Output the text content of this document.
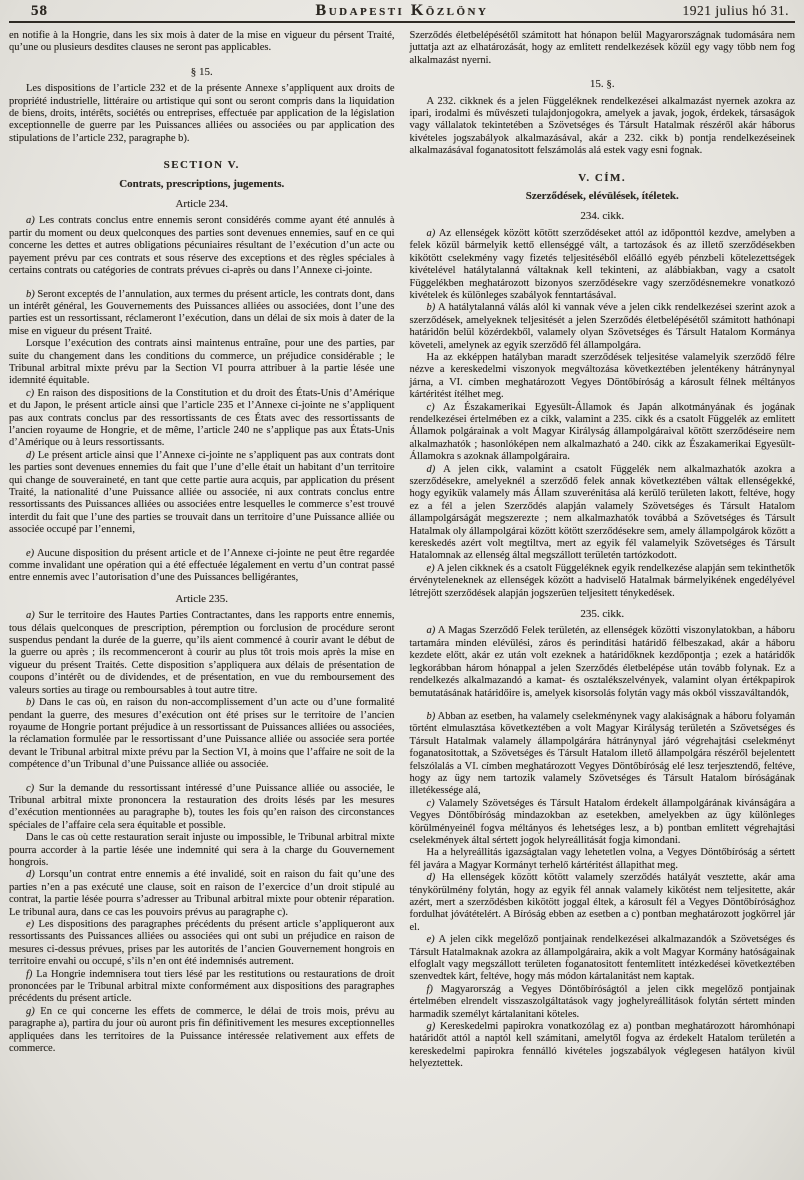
58	Budapesti Közlöny	1921 julius hó 31.

en notifie à la Hongrie, dans les six mois à dater de la mise en vigueur du pérsent Traité, qu’une ou plusieurs desdites clauses ne seront pas applicables.

§ 15.

Les dispositions de l’article 232 et de la présente Annexe s’appliquent aux droits de propriété industrielle, littéraire ou artistique qui sont ou seront compris dans la liquidation de biens, droits, intérêts, sociétés ou entreprises, effectuée par application de la législation exceptionnelle de guerre par les Puissances alliées ou associées ou par application des stipulations de l’article 232, paragraphe b).

SECTION V.
Contrats, prescriptions, jugements.
Article 234.

a) Les contrats conclus entre ennemis seront considérés comme ayant été annulés à partir du moment ou deux quelconques des parties sont devenues ennemies, sauf en ce qui concerne les dettes et autres obligations pécuniaires résultant de l’exécution d’un acte ou payement prévu par ces contrats et sous réserve des exceptions et des règles spéciales à certains contrats ou catégories de contrats prévues ci-après ou dans l’Annexe ci-jointe.

b) Seront exceptés de l’annulation, aux termes du présent article, les contrats dont, dans un intérêt général, les Gouvernements des Puissances alliées ou associées, dont l’une des parties est un ressortissant, réclameront l’exécution, dans un délai de six mois à dater de la mise en vigueur du présent Traité.

Lorsque l’exécution des contrats ainsi maintenus entraîne, pour une des parties, par suite du changement dans les conditions du commerce, un préjudice considérable ; le Tribunal arbitral mixte prévu par la Section VI pourra attribuer à la partie lésée une idemnité équitable.

c) En raison des dispositions de la Constitution et du droit des États-Unis d’Amérique et du Japon, le présent article ainsi que l’article 235 et l’Annexe ci-jointe ne s’appliquent pas aux contrats conclus par des ressortissants de ces États avec des ressortissants de l’ancien royaume de Hongrie, et de même, l’article 240 ne s’applique pas aux États-Unis d’Amérique ou à leurs ressortissants.

d) Le présent article ainsi que l’Annexe ci-jointe ne s’appliquent pas aux contrats dont les parties sont devenues ennemies du fait que l’une d’elle était un habitant d’un territoire qui change de souveraineté, en tant que cette partie aura acquis, par application du présent Traité, la nationalité d’une Puissance alliée ou associée, ni aux contrats conclus entre ressortissants des Puissances alliées ou associées entre lesquelles le commerce s’est trouvé interdit du fait que l’une des parties se trouvait dans un territoire d’une Puissance alliée ou associée occupé par l’ennemi,

e) Aucune disposition du présent article et de l’Annexe ci-jointe ne peut être regardée comme invalidant une opération qui a été effectuée légalement en vertu d’un contrat passé entre ennemis avec l’autorisation d’une des Puissances belligérantes,

Article 235.

a) Sur le territoire des Hautes Parties Contractantes, dans les rapports entre ennemis, tous délais quelconques de prescription, péremption ou forclusion de procédure seront suspendus pendant la durée de la guerre, qu’ils aient commencé à courir avant le début de la guerre ou après ; ils recommenceront à courir au plus tôt trois mois après la mise en vigueur du présent Traités. Cette disposition s’appliquera aux délais de présentation de coupons d’intérêt ou de dividendes, et de présentation, en vue du remboursement des valeurs sorties au tirage ou remboursables à tout autre titre.

b) Dans le cas où, en raison du non-accomplissement d’un acte ou d’une formalité pendant la guerre, des mesures d’exécution ont été prises sur le territoire de l’ancien royaume de Hongrie portant préjudice à un ressortissant de Puissances alliées ou associées, la réclamation formulée par le ressortissant d’une Puissance alliée ou associée sera portée devant le Tribunal arbitral mixte prévu par la Section VI, à moins que l’affaire ne soit de la compétence d’un Tribunal d’une Puissance alliée ou associée.

c) Sur la demande du ressortissant intéressé d’une Puissance alliée ou associée, le Tribunal arbitral mixte prononcera la restauration des droits lésés par les mesures d’exécution mentionnées au paragraphe b), toutes les fois qu’en raison des circonstances spéciales de l’affaire cela sera équitable et possible.

Dans le cas où cette restauration serait injuste ou impossible, le Tribunal arbitral mixte pourra accorder à la partie lésée une indemnité qui sera à la charge du Gouvernement hongrois.

d) Lorsqu’un contrat entre ennemis a été invalidé, soit en raison du fait qu’une des parties n’en a pas exécuté une clause, soit en raison de l’exercice d’un droit stipulé au contrat, la partie lésée pourra s’adresser au Tribunal arbitral mixte pour obtenir réparation. Le tribunal aura, dans ce cas les pouvoirs prévus au paragraphe c).

e) Les dispositions des paragraphes précédents du présent article s’appliqueront aux ressortissants des Puissances alliées ou associées qui ont subi un préjudice en raison de mesures ci-dessus prévues, prises par les autorités de l’ancien Gouvernement hongrois en territoire envahi ou occupé, s’ils n’en ont été indemnisés autrement.

f) La Hongrie indemnisera tout tiers lésé par les restitutions ou restaurations de droit prononcées par le Tribunal arbitral mixte conformément aux dispositions des paragraphes précédents du présent article.

g) En ce qui concerne les effets de commerce, le délai de trois mois, prévu au paragraphe a), partira du jour où auront pris fin définitivement les mesures exceptionnelles appliquées dans les territoires de la Puissance intéressée relativement aux effets de commerce.

Szerződés életbelépésétől számitott hat hónapon belül Magyarországnak tudomására nem juttatja azt az elhatározását, hogy az emlitett rendelkezések közül egy vagy több nem fog alkalmazást nyerni.

15. §.

A 232. cikknek és a jelen Függeléknek rendelkezései alkalmazást nyernek azokra az ipari, irodalmi és művészeti tulajdonjogokra, amelyek a javak, jogok, érdekek, társaságok vagy vállalatok tekintetében a Szövetséges és Társult Hatalmak részéről akár háborus kivételes jogszabályok alkalmazásával, akár a 232. cikk b) pontja rendelkezéseinek alkalmazásával foganatositott felszámolás alá estek vagy esni fognak.

V. CÍM.
Szerződések, elévülések, ítéletek.
234. cikk.

a) Az ellenségek között kötött szerződéseket attól az időponttól kezdve, amelyben a felek közül bármelyik kettő ellenséggé vált, a tartozások és az illető szerződésekben kikötött cselekmény vagy fizetés teljesitéséből előálló egyéb pénzbeli kötelezettségek kivételével hatálytalanná váltaknak kell tekinteni, az alábbiakban, vagy a csatolt Függelékben meghatározott bizonyos szerződésekre vagy szerződésnemekre vonatkozó kivételek és különleges szabályok fenntartásával.

b) A hatálytalanná válás alól ki vannak véve a jelen cikk rendelkezései szerint azok a szerződések, amelyeknek teljesitését a jelen Szerződés életbelépésétől számitott hathónapi határidőn belül közérdekből, valamely olyan Szövetséges és Társult Hatalom Kormánya követeli, amelynek az egyik szerződő fél állampolgára.

Ha az ekképpen hatályban maradt szerződések teljesitése valamelyik szerződő félre nézve a kereskedelmi viszonyok megváltozása következtében jelentékeny hátránynyal járna, a VI. címben meghatározott Vegyes Döntőbíróság a károsult félnek méltányos kártéritést ítélhet meg.

c) Az Északamerikai Egyesült-Államok és Japán alkotmányának és jogának rendelkezései értelmében ez a cikk, valamint a 235. cikk és a csatolt Függelék az emlitett Államok polgárainak a volt Magyar Királyság állampolgáraival kötött szerződéseire nem alkalmazhatók ; hasonlóképen nem alkalmazható a 240. cikk az Északamerikai Egyesült-Államokra s azoknak állampolgáraira.

d) A jelen cikk, valamint a csatolt Függelék nem alkalmazhatók azokra a szerződésekre, amelyeknél a szerződő felek annak következtében váltak ellenségekké, hogy egyikük valamely más Állam szuverénitása alá kerülő területen lakott, feltéve, hogy ez a fél a jelen Szerződés alapján valamely Szövetséges és Társult Hatalom állampolgárságát megszerezte ; nem alkalmazhatók továbbá a Szövetséges és Társult Hatalmak oly állampolgárai között kötött szerződésekre sem, amely állampolgárok között a kereskedés azért volt megtiltva, mert az egyik fél valamelyik Szövetséges és Társult Hatalomnak az ellenség által megszállott területén tartózkodott.

e) A jelen cikknek és a csatolt Függeléknek egyik rendelkezése alapján sem tekinthetők érvényteleneknek az ellenségek között a hadviselő Hatalmak bármelyikének engedélyével létrejött szerződések alapján jogszerüen teljesitett ténykedések.

235. cikk.

a) A Magas Szerződő Felek területén, az ellenségek közötti viszonylatokban, a háboru tartamára minden elévülési, záros és perinditási határidő félbeszakad, akár a háboru kezdete előtt, akár ez után volt ezeknek a határidőknek kezdőpontja ; ezek a határidők legkorábban három hónappal a jelen Szerződés életbelépése után tovább folynak. Ez a rendelkezés alkalmazandó a kamat- és osztalékszelvények, valamint olyan értékpapirok bemutatásának határidőire is, amelyek kisorsolás folytán vagy más okból visszaváltandók,

b) Abban az esetben, ha valamely cselekménynek vagy alakiságnak a háboru folyamán történt elmulasztása következtében a volt Magyar Királyság területén a Szövetséges és Társult Hatalmak valamely állampolgárára hátránynyal járó végrehajtási cselekményt foganatositottak, a Szövetséges és Társult Hatalom illető állampolgára részéről bejelentett felszólalás a VI. címben meghatározott Vegyes Döntőbíróság elé lesz terjesztendő, feltéve, hogy az ügy nem tartozik valamely Szövetséges és Társult Hatalom bíróságának illetékessége alá,

c) Valamely Szövetséges és Társult Hatalom érdekelt állampolgárának kivánságára a Vegyes Döntőbíróság mindazokban az esetekben, amelyekben az ügy különleges körülményeinél fogva méltányos és lehetséges lesz, a b) pontban emlitett végrehajtási cselekmények által sértett jogok helyreállitását fogja kimondani.

Ha a helyreállitás igazságtalan vagy lehetetlen volna, a Vegyes Döntőbíróság a sértett fél javára a Magyar Kormányt terhelő kártéritést állapithat meg.

d) Ha ellenségek között kötött valamely szerződés hatályát vesztette, akár ama ténykörülmény folytán, hogy az egyik fél annak valamely kikötést nem teljesitette, akár azért, mert a szerződésben kikötött joggal éltek, a károsult fél a Vegyes Döntőbírósághoz fordulhat jóvátételért. A Bíróság ebben az esetben a c) pontban meghatározott jogkörrel jár el.

e) A jelen cikk megelőző pontjainak rendelkezései alkalmazandók a Szövetséges és Társult Hatalmaknak azokra az állampolgáraira, akik a volt Magyar Kormány hatóságainak elfoglalt vagy megszállott területen foganatositott fentemlitett intézkedései következtében szenvedtek kárt, feltéve, hogy más módon kártalanitást nem kaptak.

f) Magyarország a Vegyes Döntőbíróságtól a jelen cikk megelőző pontjainak értelmében elrendelt visszaszolgáltatások vagy joghelyreállitások folytán sértett minden harmadik személyt kártalanitani köteles.

g) Kereskedelmi papirokra vonatkozólag ez a) pontban meghatározott háromhónapi határidőt attól a naptól kell számitani, amelytől fogva az érdekelt Hatalom területén a kereskedelmi papirokra fennálló kivételes jogszabályok véglegesen hatályon kivül helyeztettek.
